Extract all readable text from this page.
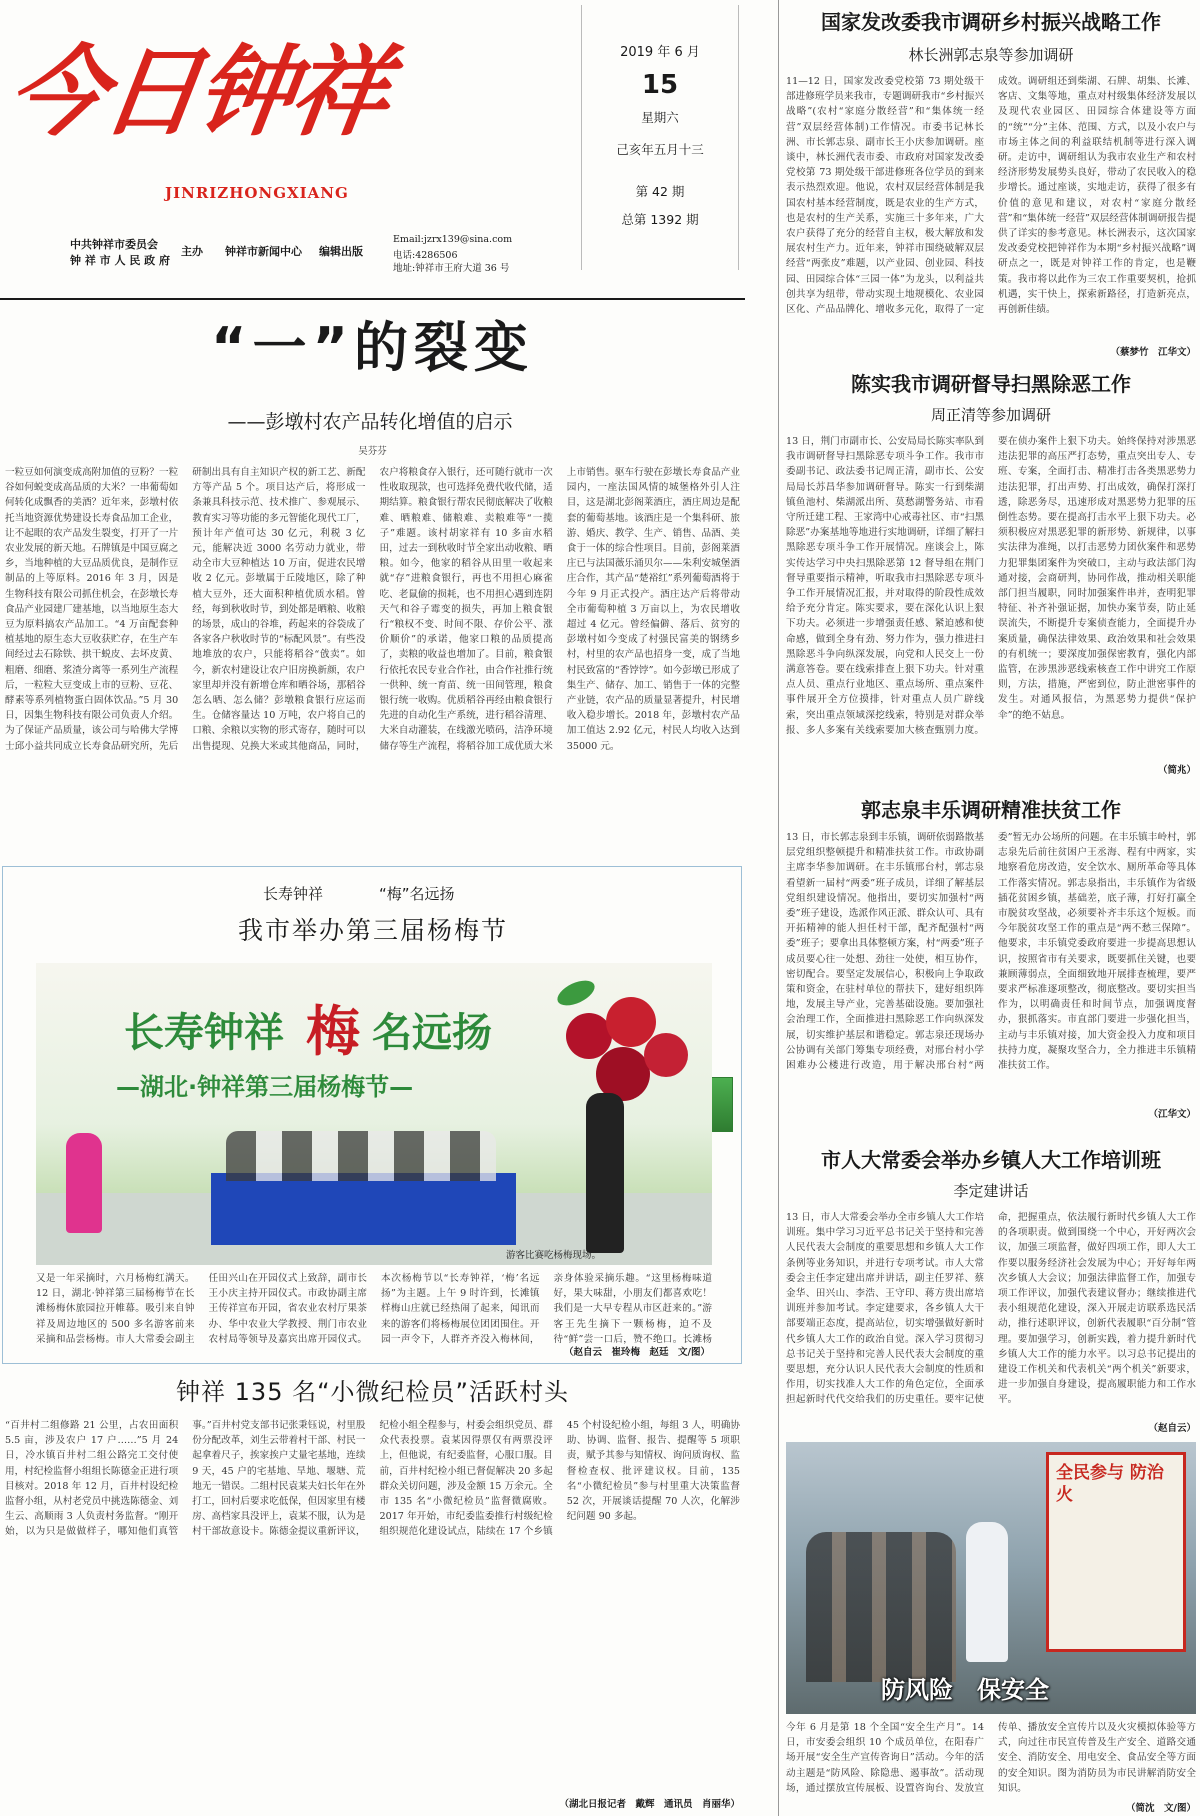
今日钟祥
JINRIZHONGXIANG
中共钟祥市委员会
钟 祥 市 人 民 政 府
主办 钟祥市新闻中心 编辑出版
Email:jzrx139@sina.com
电话:4286506
地址:钟祥市王府大道 36 号
2019 年 6 月
15
星期六
己亥年五月十三
第 42 期
总第 1392 期
“一”的裂变
——彭墩村农产品转化增值的启示
吴芬芬
一粒豆如何演变成高附加值的豆粉？一粒谷如何蜕变成高品质的大米？一串葡萄如何转化成飘香的美酒？近年来，彭墩村依托当地资源优势建设长寿食品加工企业，让不起眼的农产品发生裂变，打开了一片农业发展的新天地。石牌镇是中国豆腐之乡，当地种植的大豆品质优良，是制作豆制品的上等原料。2016 年 3 月，因是生物科技有限公司抓住机会，在彭墩长寿食品产业园建厂建基地，以当地原生态大豆为原料搞农产品加工。“4 万亩配套种植基地的原生态大豆收获贮存，在生产车间经过去石除铁、拱干蜕皮、去坏皮黄、粗磨、细磨、浆渣分离等一系列生产流程后，一粒粒大豆变成上市的豆粉、豆花、酵素等系列植物蛋白固体饮品。”5 月 30 日，因集生物科技有限公司负责人介绍。为了保证产品质量，该公司与哈佛大学博士邱小益共同成立长寿食品研究所，先后研制出具有自主知识产权的新工艺、新配方等产品 5 个。项目达产后，将形成一条兼具科技示范、技术推广、参观展示、教育实习等功能的多元智能化现代工厂，预计年产值可达 30 亿元，利税 3 亿元，能解决近 3000 名劳动力就业，带动全市大豆种植达 10 万亩，促进农民增收 2 亿元。彭墩属于丘陵地区，除了种植大豆外，还大面积种植优质水稻。曾经，每到秋收时节，到处都是晒粮、收粮的场景，成山的谷堆，药起来的谷袋成了各家各户秋收时节的“标配风景”。有些没地堆放的农户，只能将稻谷“戗卖”。如今，新农村建设让农户旧房换新颜，农户家里却并没有新增仓库和晒谷场，那稻谷怎么晒、怎么储？彭墩粮食银行应运而生。仓储容量达 10 万吨，农户将自己的口粮、余粮以实物的形式寄存，随时可以出售提现、兑换大米或其他商品，同时，农户将粮食存入银行，还可随行就市一次性收取现款，也可选择免费代收代储，适期结算。粮食银行帮农民彻底解决了收粮难、晒粮难、储粮难、卖粮难等“一揽子”难题。该村胡家祥有 10 多亩水稻田，过去一到秋收时节全家出动收粮、晒粮。如今，他家的稻谷从田里一收起来就“存”进粮食银行，再也不用担心麻雀吃、老鼠偷的损耗，也不用担心遇到连阴天气和谷子霉变的损失，再加上粮食银行“粮权不变、时间不限、存价公平、涨价顺价”的承诺，他家口粮的品质提高了，卖粮的收益也增加了。目前，粮食银行依托农民专业合作社，由合作社推行统一供种、统一育苗、统一田间管理，粮食银行统一收购。优质稻谷再经由粮食银行先进的自动化生产系统，进行稻谷清理、大米自动灌装，在线激光喷码，洁净环境储存等生产流程，将稻谷加工成优质大米上市销售。驱车行驶在彭墩长寿食品产业园内，一座法国风情的城堡格外引人注目，这是湖北彭阁莱酒庄，酒庄周边是配套的葡萄基地。该酒庄是一个集科研、旅游、婚庆、教学、生产、销售、品酒、美食于一体的综合性项目。目前，彭阁莱酒庄已与法国薇乐涌贝尔——朱利安城堡酒庄合作，其产品“楚裕红”系列葡萄酒将于今年 9 月正式投产。酒庄达产后将带动全市葡萄种植 3 万亩以上，为农民增收超过 4 亿元。曾经偏僻、落后、贫穷的彭墩村如今变成了村强民富美的钢绣乡村，村里的农产品也招身一变，成了当地村民致富的“香饽饽”。如今彭墩已形成了集生产、储存、加工、销售于一体的完整产业链，农产品的质量显著提升，村民增收入稳步增长。2018 年，彭墩村农产品加工值达 2.92 亿元，村民人均收入达到 35000 元。
长寿钟祥	“梅”名远扬
我市举办第三届杨梅节
长寿钟祥 梅 名远扬
—湖北·钟祥第三届杨梅节—
游客比赛吃杨梅现场。
又是一年采摘时，六月杨梅红满天。12 日，湖北·钟祥第三届杨梅节在长滩杨梅休旅园拉开帷幕。吸引来自钟祥及周边地区的 500 多名游客前来采摘和品尝杨梅。市人大常委会副主任田兴山在开园仪式上致辞，副市长王小庆主持开园仪式。市政协副主席王传祥宣布开园，省农业农村厅果茶办、华中农业大学教授、荆门市农业农村局等领导及嘉宾出席开园仪式。本次杨梅节以“长寿钟祥，‘梅’名远扬”为主题。上午 9 时许到，长滩镇样梅山庄就已经热闹了起来，闻讯而来的游客们将杨梅展位团团围住。开园一声令下，人群齐齐没入梅林间，亲身体验采摘乐趣。“这里杨梅味道好，果大味甜，小朋友们都喜欢吃！我们是一大早专程从市区赶来的。”游客王先生摘下一颗杨梅，迫不及待“鲜”尝一口后，赞不绝口。长滩杨
钟祥 135 名“小微纪检员”活跃村头
“百井村二组修路 21 公里，占农田面积 5.5 亩，涉及农户 17 户……”5 月 24 日，冷水镇百井村二组公路完工交付使用，村纪检监督小组组长陈德金正进行项目核对。2018 年 12 月，百井村设纪检监督小组，从村老党员中挑选陈德金、刘生云、高顺雨 3 人负责村务监督。“刚开始，以为只是做做样子，哪知他们真管事。”百井村党支部书记张秉钰说，村里股份分配改革，刘生云带着村干部、村民一起拿着尺子，挨家挨户丈量宅基地，连续 9 天，45 户的宅基地、旱地、堰塘、荒地无一错误。二组村民袁某夫妇长年在外打工，回村后要求吃低保，但因家里有楼房、高档家具没评上，袁某不服，认为是村干部故意设卡。陈德金提议重新评议，纪检小组全程参与，村委会组织党员、群众代表投票。袁某因得票仅有两票没评上，但他说，有纪委监督，心服口服。目前，百井村纪检小组已督促解决 20 多起群众关切问题，涉及金额 15 万余元。全市 135 名“小微纪检员”监督微腐败。2017 年开始，市纪委监委推行村级纪检组织规范化建设试点，陆续在 17 个乡镇 45 个村设纪检小组，每组 3 人，明确协助、协调、监督、报告、提醒等 5 项职责，赋予其参与知情权、询问质询权、监督检查权、批评建议权。目前，135 名“小微纪检员”参与村里重大决策监督 52 次，开展谈话提醒 70 人次，化解涉纪问题 90 多起。
国家发改委我市调研乡村振兴战略工作
林长洲郭志泉等参加调研
11—12 日，国家发改委党校第 73 期处级干部进修班学员来我市，专题调研我市“乡村振兴战略”(农村“家庭分散经营”和“集体统一经营”双层经营体制)工作情况。市委书记林长洲、市长郭志泉、副市长王小庆参加调研。座谈中，林长洲代表市委、市政府对国家发改委党校第 73 期处级干部进修班各位学员的到来表示热烈欢迎。他说，农村双层经营体制是我国农村基本经营制度，既是农业的生产方式，也是农村的生产关系，实施三十多年来，广大农户获得了充分的经营自主权，极大解放和发展农村生产力。近年来，钟祥市围绕破解双层经营“两张皮”难题，以产业园、创业园、科技园、田园综合体“三园一体”为龙头，以利益共创共享为纽带，带动实现土地规模化、农业园区化、产品品牌化、增收多元化，取得了一定成效。调研组还到柴湖、石牌、胡集、长滩、客店、文集等地，重点对村级集体经济发展以及现代农业园区、田园综合体建设等方面的“统”“分”主体、范围、方式，以及小农户与市场主体之间的利益联结机制等进行深入调研。走访中，调研组认为我市农业生产和农村经济形势发展势头良好，带动了农民收入的稳步增长。通过座谈，实地走访，获得了很多有价值的意见和建议，对农村“家庭分散经营”和“集体统一经营”双层经营体制调研报告提供了详实的参考意见。林长洲表示，这次国家发改委党校把钟祥作为本期“乡村振兴战略”调研点之一，既是对钟祥工作的肯定，也是鞭策。我市将以此作为三农工作重要契机，抢抓机遇，实干快上，探索新路径，打造新亮点，再创新佳绩。
（蔡梦竹　江华文）
陈实我市调研督导扫黑除恶工作
周正清等参加调研
13 日，荆门市副市长、公安局局长陈实率队到我市调研督导扫黑除恶专项斗争工作。我市市委副书记、政法委书记周正清，副市长、公安局局长苏昌华参加调研督导。陈实一行到柴湖镇鱼池村、柴湖派出所、莫愁湖警务站、市看守所迁建工程、王家湾中心戒毒社区、市“扫黑除恶”办案基地等地进行实地调研，详细了解扫黑除恶专项斗争工作开展情况。座谈会上，陈实传达学习中央扫黑除恶第 12 督导组在荆门督导重要指示精神，听取我市扫黑除恶专项斗争工作开展情况汇报，并对取得的阶段性成效给予充分肯定。陈实要求，要在深化认识上狠下功夫。必须进一步增强责任感、紧迫感和使命感，做到全身有劲、努力作为，强力推进扫黑除恶斗争向纵深发展，向党和人民交上一份满意答卷。要在线索排查上狠下功夫。针对重点人员、重点行业地区、重点场所、重点案件事件展开全方位摸排，针对重点人员广辟线索，突出重点领域深挖线索，特别是对群众举报、多人多案有关线索要加大核查甄别力度。要在侦办案件上狠下功夫。始终保持对涉黑恶违法犯罪的高压严打态势，重点突出专人、专班、专案，全面打击、精准打击各类黑恶势力违法犯罪，打出声势、打出成效，确保打深打透，除恶务尽，迅速形成对黑恶势力犯罪的压倒性态势。要在提高打击水平上狠下功夫。必须积极应对黑恶犯罪的新形势、新规律，以事实法律为准绳，以打击恶势力团伙案件和恶势力犯罪集团案件为突破口，主动与政法部门沟通对接，会商研判，协同作战，推动相关职能部门担当履职，同时加强案件串并，查明犯罪特征、补齐补强证据，加快办案节奏，防止延误流失，不断提升专案侦查能力，全面提升办案质量，确保法律效果、政治效果和社会效果的有机统一；要深度加强保密教育，强化内部监管，在涉黑涉恶线索核查工作中讲究工作原则，方法，措施，严密到位，防止泄密事件的发生。对通风报信，为黑恶势力提供“保护伞”的绝不姑息。
（简兆）
郭志泉丰乐调研精准扶贫工作
13 日，市长郭志泉到丰乐镇，调研依弱路散基层党组织整顿提升和精准扶贫工作。市政协副主席李华参加调研。在丰乐镇邢台村，郭志泉看望新一届村“两委”班子成员，详细了解基层党组织建设情况。他指出，要切实加强村“两委”班子建设，选派作风正派、群众认可、具有开拓精神的能人担任村干部，配齐配强村“两委”班子；要拿出具体整顿方案，村“两委”班子成员要心往一处想、劲往一处使，相互协作，密切配合。要坚定发展信心，积极向上争取政策和资金，在驻村单位的帮扶下，建好组织阵地，发展主导产业，完善基础设施。要加强社会治理工作，全面推进扫黑除恶工作向纵深发展，切实维护基层和谐稳定。郭志泉还现场办公协调有关部门筹集专项经费，对邢台村小学困难办公楼进行改造，用于解决邢台村“两委”暂无办公场所的问题。在丰乐镇丰岭村，郭志泉先后前往贫困户王丞海、程有中两家，实地察看危房改造，安全饮水、厕所革命等具体工作落实情况。郭志泉指出，丰乐镇作为省级插花贫困乡镇，基础差，底子薄，打好打赢全市脱贫攻坚战，必须要补齐丰乐这个短板。而今年脱贫攻坚工作的重点是“两不愁三保障”。他要求，丰乐镇党委政府要进一步提高思想认识，按照省市有关要求，既要抓住关键，也要兼顾薄弱点，全面细致地开展排查梳理，要严要求严标准逐项整改，彻底整改。要切实担当作为，以明确责任和时间节点，加强调度督办，狠抓落实。市直部门要进一步强化担当，主动与丰乐镇对接，加大资金投入力度和项目扶持力度，凝聚攻坚合力，全力推进丰乐镇精准扶贫工作。
（江华文）
市人大常委会举办乡镇人大工作培训班
李定建讲话
13 日，市人大常委会举办全市乡镇人大工作培训班。集中学习习近平总书记关于坚持和完善人民代表大会制度的重要思想和乡镇人大工作条例等业务知识，并进行专项考试。市人大常委会主任李定建出席并讲话，副主任罗祥、蔡金华、田兴山、李浩、王守印、蒋方贵出席培训班并参加考试。李定建要求，各乡镇人大干部要端正态度，提高站位，切实增强做好新时代乡镇人大工作的政治自觉。深入学习贯彻习总书记关于坚持和完善人民代表大会制度的重要思想，充分认识人民代表大会制度的性质和作用，切实找准人大工作的角色定位，全面承担起新时代代交给我们的历史重任。要牢记使命，把握重点，依法履行新时代乡镇人大工作的各项职责。做到围绕一个中心，开好两次会议，加强三项监督，做好四项工作，即人大工作要以服务经济社会发展为中心；开好每年两次乡镇人大会议；加强法律监督工作，加强专项工作评议，加强代表建议督办；继续推进代表小组规范化建设，深入开展走访联系选民活动，推行述职评议，创新代表履职“百分制”管理。要加强学习，创新实践，着力提升新时代乡镇人大工作的能力水平。以习总书记提出的建设工作机关和代表机关“两个机关”新要求，进一步加强自身建设，提高履职能力和工作水平。
（赵自云）
全民参与 防治火
防风险　保安全
今年 6 月是第 18 个全国“安全生产月”。14 日，市安委会组织 10 个成员单位，在阳春广场开展“安全生产宣传咨询日”活动。今年的活动主题是“防风险、除隐患、遏事故”。活动现场，通过摆放宣传展板、设置咨询台、发放宣传单、播放安全宣传片以及火灾模拟体验等方式，向过往市民宣传普及生产安全、道路交通安全、消防安全、用电安全、食品安全等方面的安全知识。图为消防员为市民讲解消防安全知识。
（简沈　文/图）
（赵自云　崔玲梅　赵廷　文/图）
（湖北日报记者　戴辉　通讯员　肖丽华）
